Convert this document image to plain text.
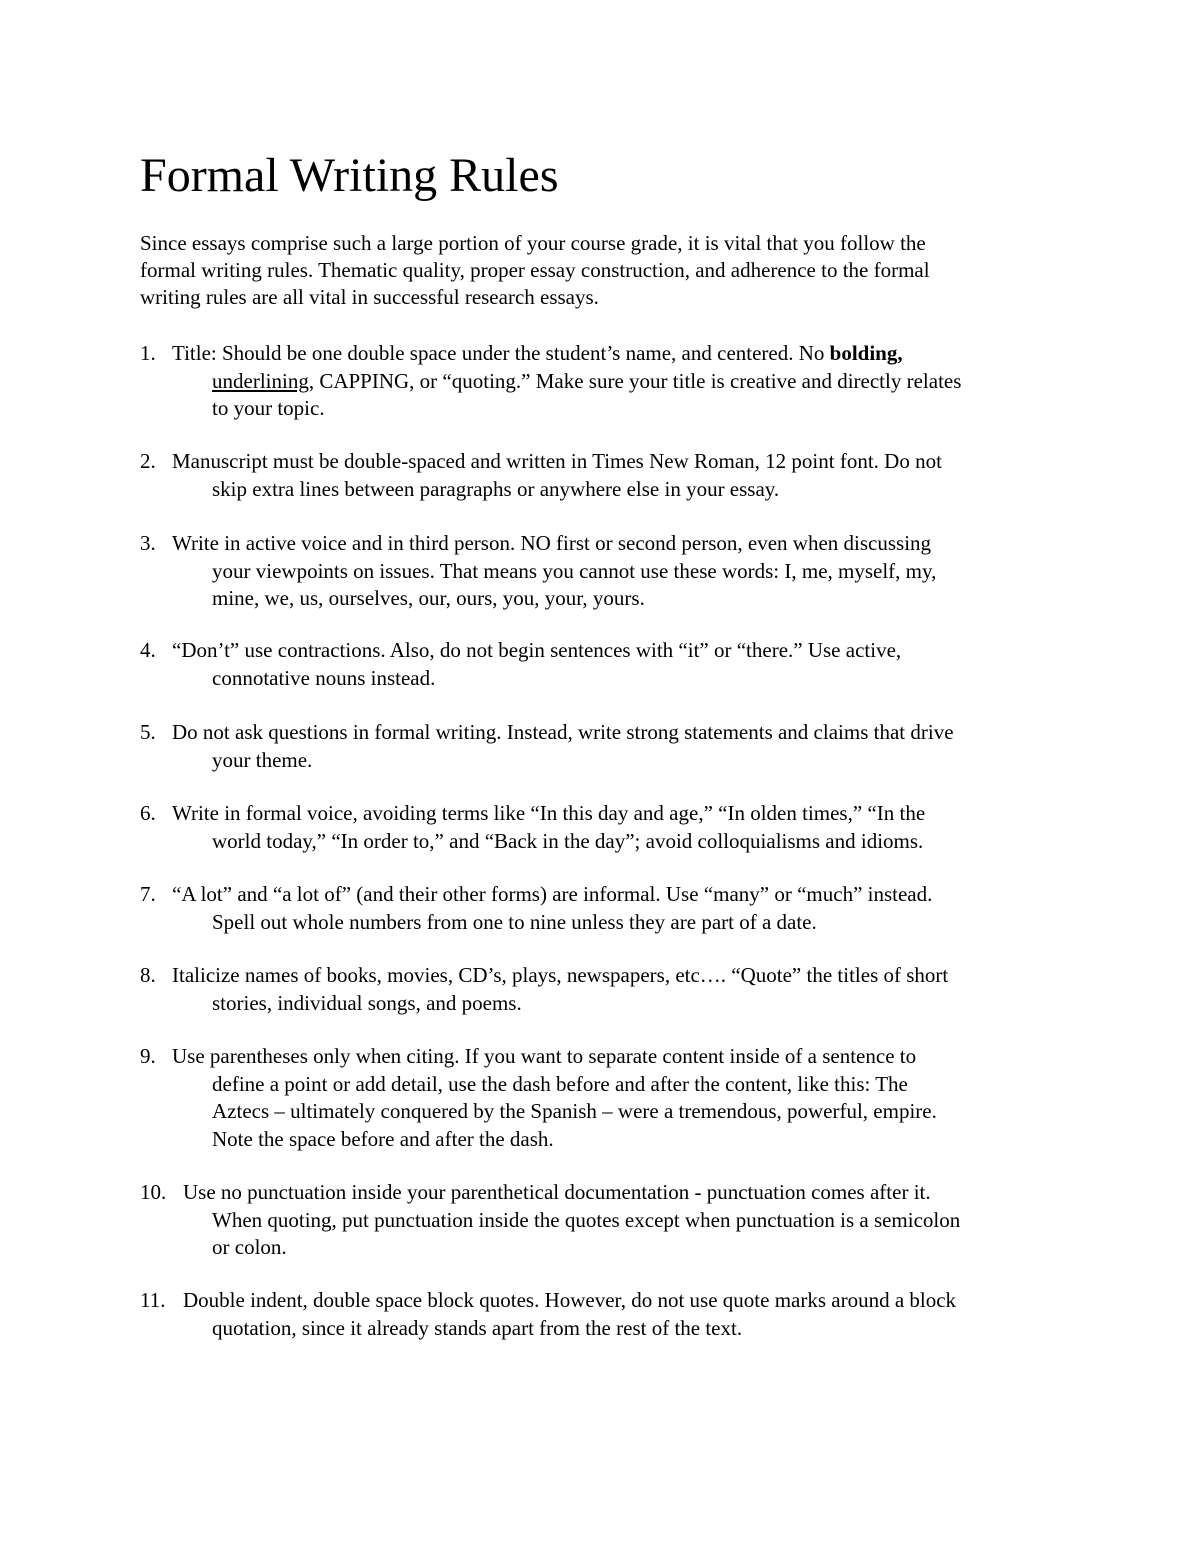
Formal Writing Rules

Since essays comprise such a large portion of your course grade, it is vital that you follow the
formal writing rules. Thematic quality, proper essay construction, and adherence to the formal
writing rules are all vital in successful research essays.

1. Title: Should be one double space under the student’s name, and centered. No bolding,
underlining, CAPPING, or “quoting.” Make sure your title is creative and directly relates
to your topic.
2. Manuscript must be double-spaced and written in Times New Roman, 12 point font. Do not
skip extra lines between paragraphs or anywhere else in your essay.
3. Write in active voice and in third person. NO first or second person, even when discussing
your viewpoints on issues. That means you cannot use these words: I, me, myself, my,
mine, we, us, ourselves, our, ours, you, your, yours.
4. “Don’t” use contractions. Also, do not begin sentences with “it” or “there.” Use active,
connotative nouns instead.
5. Do not ask questions in formal writing. Instead, write strong statements and claims that drive
your theme.
6. Write in formal voice, avoiding terms like “In this day and age,” “In olden times,” “In the
world today,” “In order to,” and “Back in the day”; avoid colloquialisms and idioms.
7. “A lot” and “a lot of” (and their other forms) are informal. Use “many” or “much” instead.
Spell out whole numbers from one to nine unless they are part of a date.
8. Italicize names of books, movies, CD’s, plays, newspapers, etc…. “Quote” the titles of short
stories, individual songs, and poems.
9. Use parentheses only when citing. If you want to separate content inside of a sentence to
define a point or add detail, use the dash before and after the content, like this: The
Aztecs – ultimately conquered by the Spanish – were a tremendous, powerful, empire.
Note the space before and after the dash.
10. Use no punctuation inside your parenthetical documentation - punctuation comes after it.
When quoting, put punctuation inside the quotes except when punctuation is a semicolon
or colon.
11. Double indent, double space block quotes. However, do not use quote marks around a block
quotation, since it already stands apart from the rest of the text.
